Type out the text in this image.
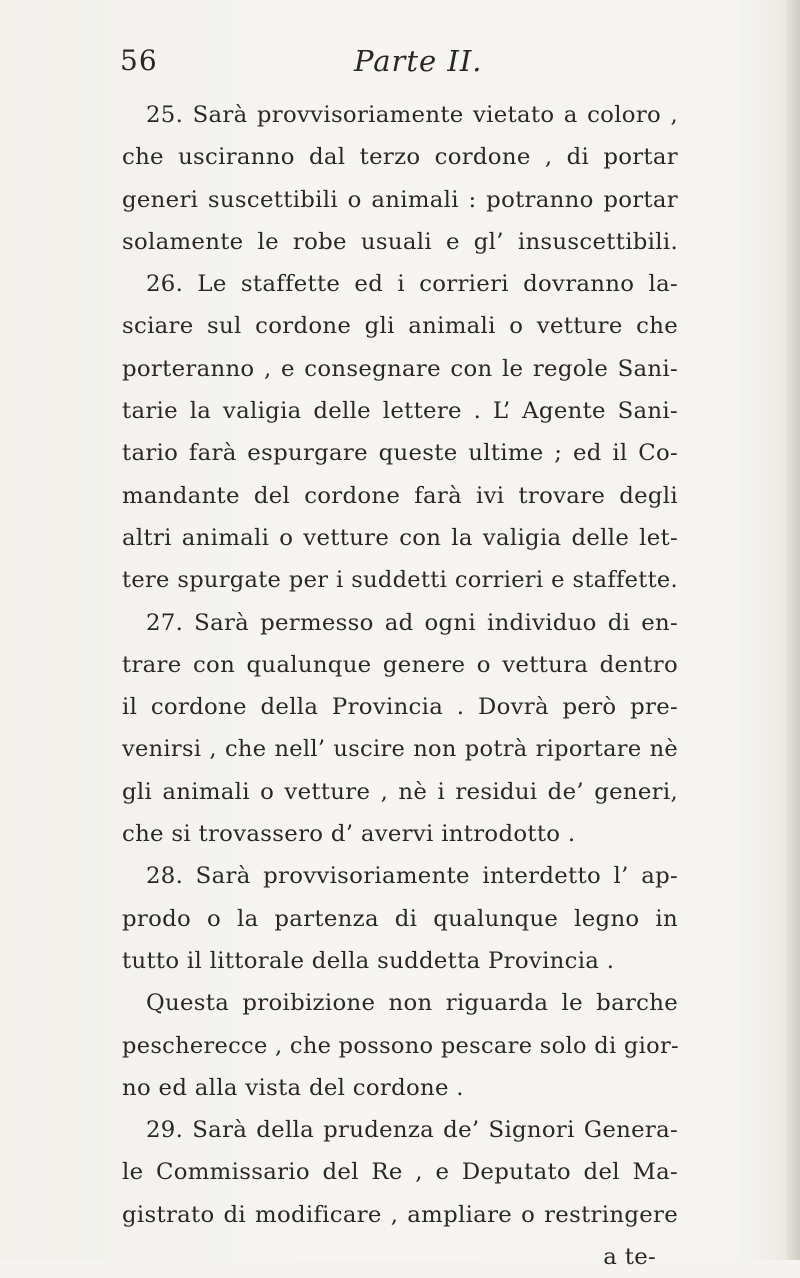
56	Parte II.
25. Sarà provvisoriamente vietato a coloro ,
che usciranno dal terzo cordone , di portar
generi suscettibili o animali : potranno portar
solamente le robe usuali e gl’ insuscettibili.
26. Le staffette ed i corrieri dovranno la-
sciare sul cordone gli animali o vetture che
porteranno , e consegnare con le regole Sani-
tarie la valigia delle lettere . L’ Agente Sani-
tario farà espurgare queste ultime ; ed il Co-
mandante del cordone farà ivi trovare degli
altri animali o vetture con la valigia delle let-
tere spurgate per i suddetti corrieri e staffette.
27. Sarà permesso ad ogni individuo di en-
trare con qualunque genere o vettura dentro
il cordone della Provincia . Dovrà però pre-
venirsi , che nell’ uscire non potrà riportare nè
gli animali o vetture , nè i residui de’ generi,
che si trovassero d’ avervi introdotto .
28. Sarà provvisoriamente interdetto l’ ap-
prodo o la partenza di qualunque legno in
tutto il littorale della suddetta Provincia .
Questa proibizione non riguarda le barche
pescherecce , che possono pescare solo di gior-
no ed alla vista del cordone .
29. Sarà della prudenza de’ Signori Genera-
le Commissario del Re , e Deputato del Ma-
gistrato di modificare , ampliare o restringere
a te-
